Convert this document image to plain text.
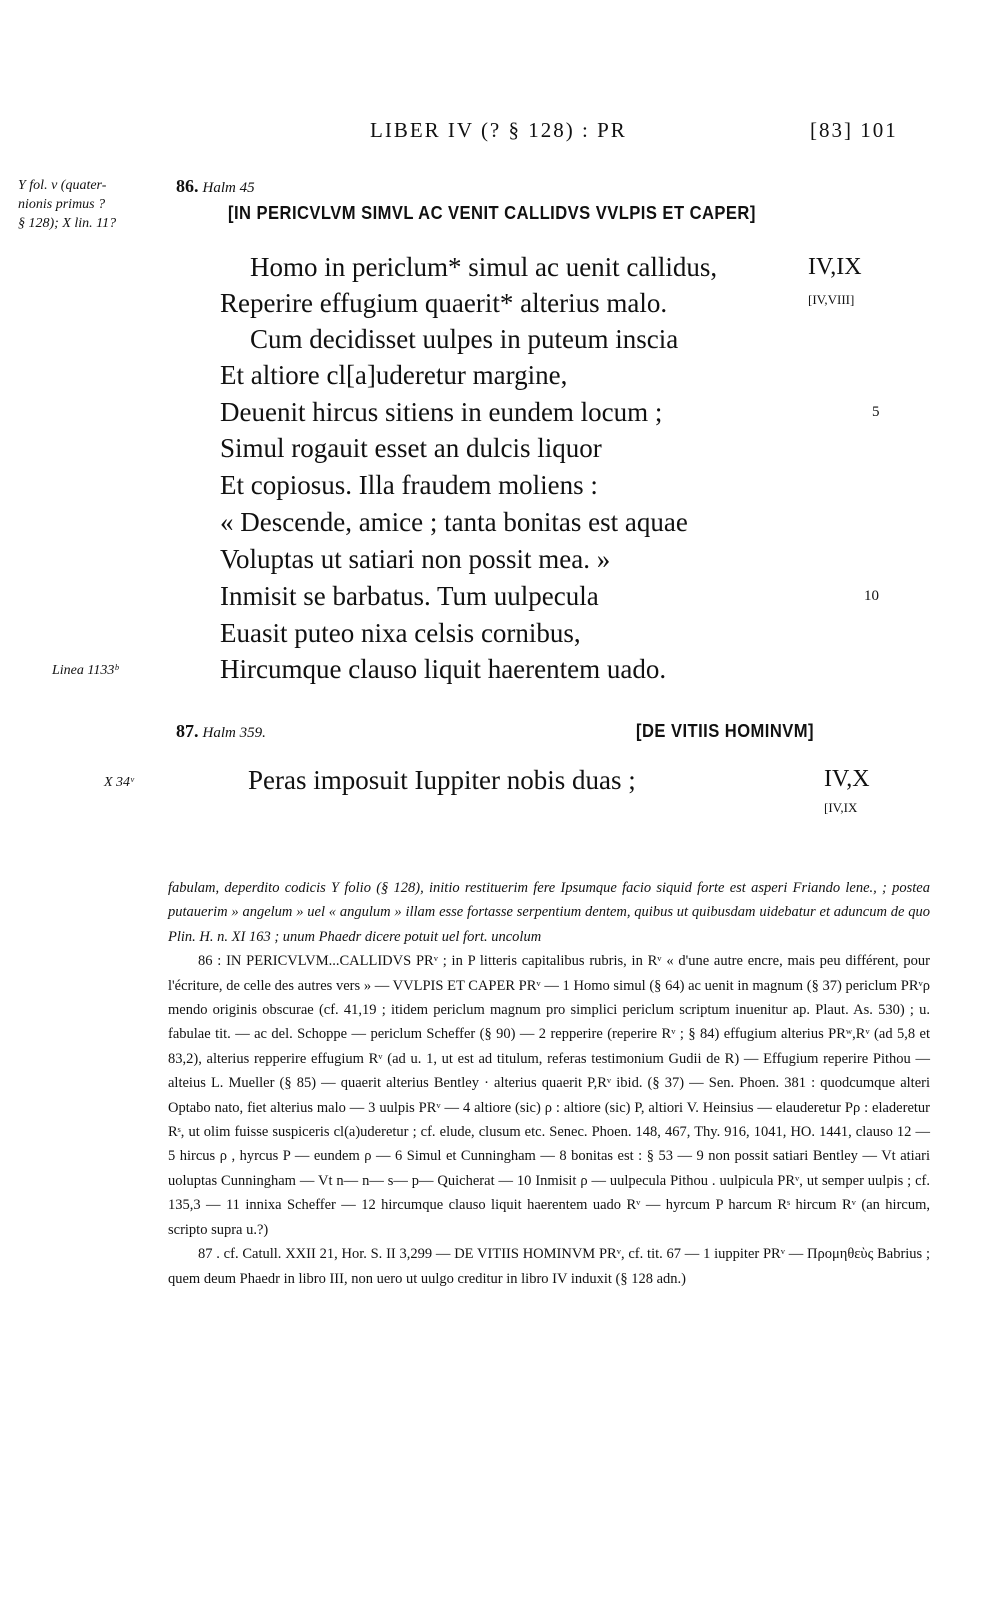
LIBER IV (? § 128) : PR	[83] 101
Y fol. v (quater-
nionis primus ?
§ 128); X lin. 11?
86. Halm 45
[IN PERICVLVM SIMVL AC VENIT CALLIDVS VVLPIS ET CAPER]
Homo in periclum* simul ac uenit callidus,
Reperire effugium quaerit* alterius malo.
Cum decidisset uulpes in puteum inscia
Et altiore cl[a]uderetur margine,
Deuenit hircus sitiens in eundem locum ;
Simul rogauit esset an dulcis liquor
Et copiosus. Illa fraudem moliens :
« Descende, amice ; tanta bonitas est aquae
Voluptas ut satiari non possit mea. »
Inmisit se barbatus. Tum uulpecula
Euasit puteo nixa celsis cornibus,
Hircumque clauso liquit haerentem uado.
IV,IX
[IV,VIII]
5
10
Linea 1133ᵇ
87. Halm 359.	[DE VITIIS HOMINVM]
X 34ᵛ	Peras imposuit Iuppiter nobis duas ;	IV,X
[IV,IX
fabulam, deperdito codicis Y folio (§ 128), initio restituerim fere Ipsumque facio siquid forte est asperi Friando lene., ; postea putauerim » angelum » uel « angulum » illam esse fortasse serpentium dentem, quibus ut quibusdam uidebatur et aduncum de quo Plin. H. n. XI 163 ; unum Phaedr dicere potuit uel fort. uncolum
86 : IN PERICVLVM...CALLIDVS PRᵛ ; in P litteris capitalibus rubris, in Rᵛ « d'une autre encre, mais peu différent, pour l'écriture, de celle des autres vers » — VVLPIS ET CAPER PRᵛ — 1 Homo simul (§ 64) ac uenit in magnum (§ 37) periclum PRᵛρ mendo originis obscurae (cf. 41,19 ; itidem periclum magnum pro simplici periclum scriptum inuenitur ap. Plaut. As. 530) ; u. fabulae tit. — ac del. Schoppe — periclum Scheffer (§ 90) — 2 repperire (reperire Rᵛ ; § 84) effugium alterius PRʷ,Rᵛ (ad 5,8 et 83,2), alterius repperire effugium Rᵛ (ad u. 1, ut est ad titulum, referas testimonium Gudii de R) — Effugium reperire Pithou — alteius L. Mueller (§ 85) — quaerit alterius Bentley · alterius quaerit P,Rᵛ ibid. (§ 37) — Sen. Phoen. 381 : quodcumque alteri Optabo nato, fiet alterius malo — 3 uulpis PRᵛ — 4 altiore (sic) ρ : altiore (sic) P, altiori V. Heinsius — elauderetur Pρ : eladeretur Rˢ, ut olim fuisse suspiceris cl(a)uderetur ; cf. elude, clusum etc. Senec. Phoen. 148, 467, Thy. 916, 1041, HO. 1441, clauso 12 — 5 hircus ρ , hyrcus P — eundem ρ — 6 Simul et Cunningham — 8 bonitas est : § 53 — 9 non possit satiari Bentley — Vt atiari uoluptas Cunningham — Vt n— n— s— p— Quicherat — 10 Inmisit ρ — uulpecula Pithou . uulpicula PRᵛ, ut semper uulpis ; cf. 135,3 — 11 innixa Scheffer — 12 hircumque clauso liquit haerentem uado Rᵛ — hyrcum P harcum Rˢ hircum Rᵛ (an hircum, scripto supra u.?)
87 . cf. Catull. XXII 21, Hor. S. II 3,299 — DE VITIIS HOMINVM PRᵛ, cf. tit. 67 — 1 iuppiter PRᵛ — Προμηθεὺς Babrius ; quem deum Phaedr in libro III, non uero ut uulgo creditur in libro IV induxit (§ 128 adn.)
